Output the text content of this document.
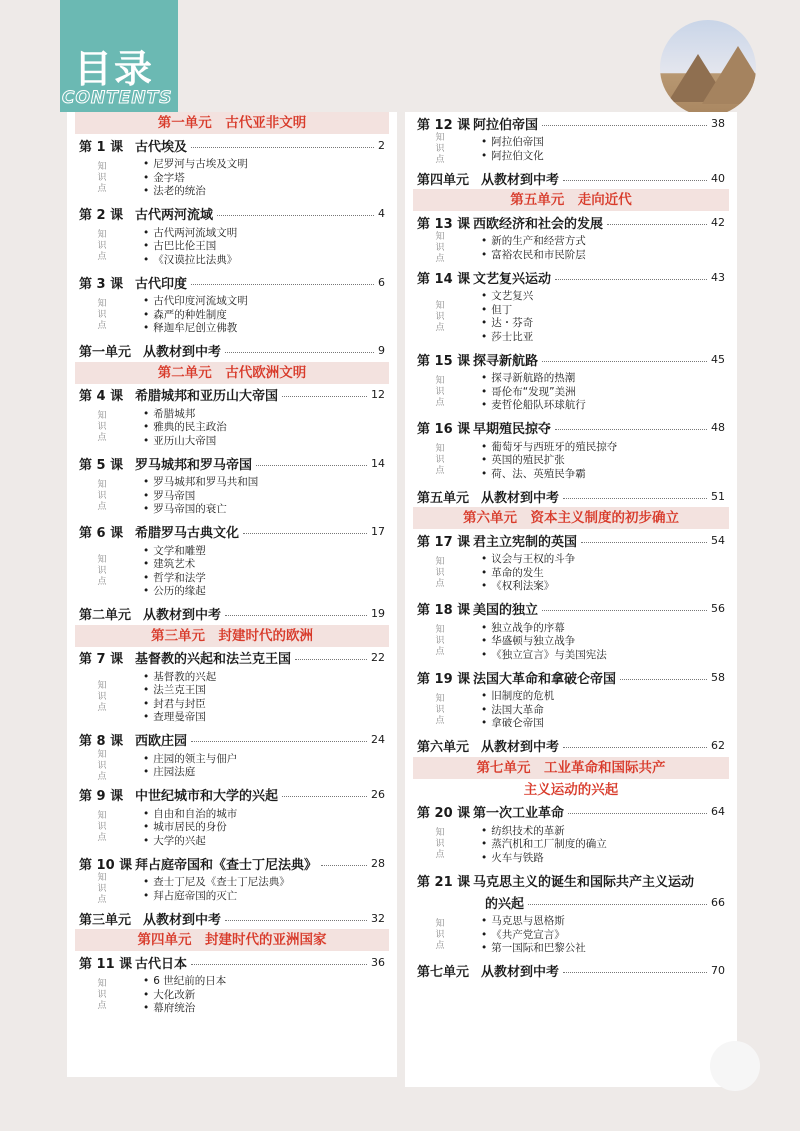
目录
CONTENTS
第一单元　古代亚非文明
第 1 课 古代埃及	2
知
识
点
• 尼罗河与古埃及文明
• 金字塔
• 法老的统治
第 2 课 古代两河流域	4
知
识
点
• 古代两河流域文明
• 古巴比伦王国
• 《汉谟拉比法典》
第 3 课 古代印度	6
知
识
点
• 古代印度河流域文明
• 森严的种姓制度
• 释迦牟尼创立佛教
第一单元 从教材到中考	9
第二单元　古代欧洲文明
第 4 课 希腊城邦和亚历山大帝国	12
知
识
点
• 希腊城邦
• 雅典的民主政治
• 亚历山大帝国
第 5 课 罗马城邦和罗马帝国	14
知
识
点
• 罗马城邦和罗马共和国
• 罗马帝国
• 罗马帝国的衰亡
第 6 课 希腊罗马古典文化	17
知
识
点
• 文学和雕塑
• 建筑艺术
• 哲学和法学
• 公历的缘起
第二单元 从教材到中考	19
第三单元　封建时代的欧洲
第 7 课 基督教的兴起和法兰克王国	22
知
识
点
• 基督教的兴起
• 法兰克王国
• 封君与封臣
• 查理曼帝国
第 8 课 西欧庄园	24
知
识
点
• 庄园的领主与佃户
• 庄园法庭
第 9 课 中世纪城市和大学的兴起	26
知
识
点
• 自由和自治的城市
• 城市居民的身份
• 大学的兴起
第 10 课 拜占庭帝国和《查士丁尼法典》	28
知
识
点
• 查士丁尼及《查士丁尼法典》
• 拜占庭帝国的灭亡
第三单元 从教材到中考	32
第四单元　封建时代的亚洲国家
第 11 课 古代日本	36
知
识
点
• 6 世纪前的日本
• 大化改新
• 幕府统治
第 12 课 阿拉伯帝国	38
知
识
点
• 阿拉伯帝国
• 阿拉伯文化
第四单元 从教材到中考	40
第五单元　走向近代
第 13 课 西欧经济和社会的发展	42
知
识
点
• 新的生产和经营方式
• 富裕农民和市民阶层
第 14 课 文艺复兴运动	43
知
识
点
• 文艺复兴
• 但丁
• 达・芬奇
• 莎士比亚
第 15 课 探寻新航路	45
知
识
点
• 探寻新航路的热潮
• 哥伦布“发现”美洲
• 麦哲伦船队环球航行
第 16 课 早期殖民掠夺	48
知
识
点
• 葡萄牙与西班牙的殖民掠夺
• 英国的殖民扩张
• 荷、法、英殖民争霸
第五单元 从教材到中考	51
第六单元　资本主义制度的初步确立
第 17 课 君主立宪制的英国	54
知
识
点
• 议会与王权的斗争
• 革命的发生
• 《权利法案》
第 18 课 美国的独立	56
知
识
点
• 独立战争的序幕
• 华盛顿与独立战争
• 《独立宣言》与美国宪法
第 19 课 法国大革命和拿破仑帝国	58
知
识
点
• 旧制度的危机
• 法国大革命
• 拿破仑帝国
第六单元 从教材到中考	62
第七单元　工业革命和国际共产
主义运动的兴起
第 20 课 第一次工业革命	64
知
识
点
• 纺织技术的革新
• 蒸汽机和工厂制度的确立
• 火车与铁路
第 21 课 马克思主义的诞生和国际共产主义运动
的兴起	66
知
识
点
• 马克思与恩格斯
• 《共产党宣言》
• 第一国际和巴黎公社
第七单元 从教材到中考	70
